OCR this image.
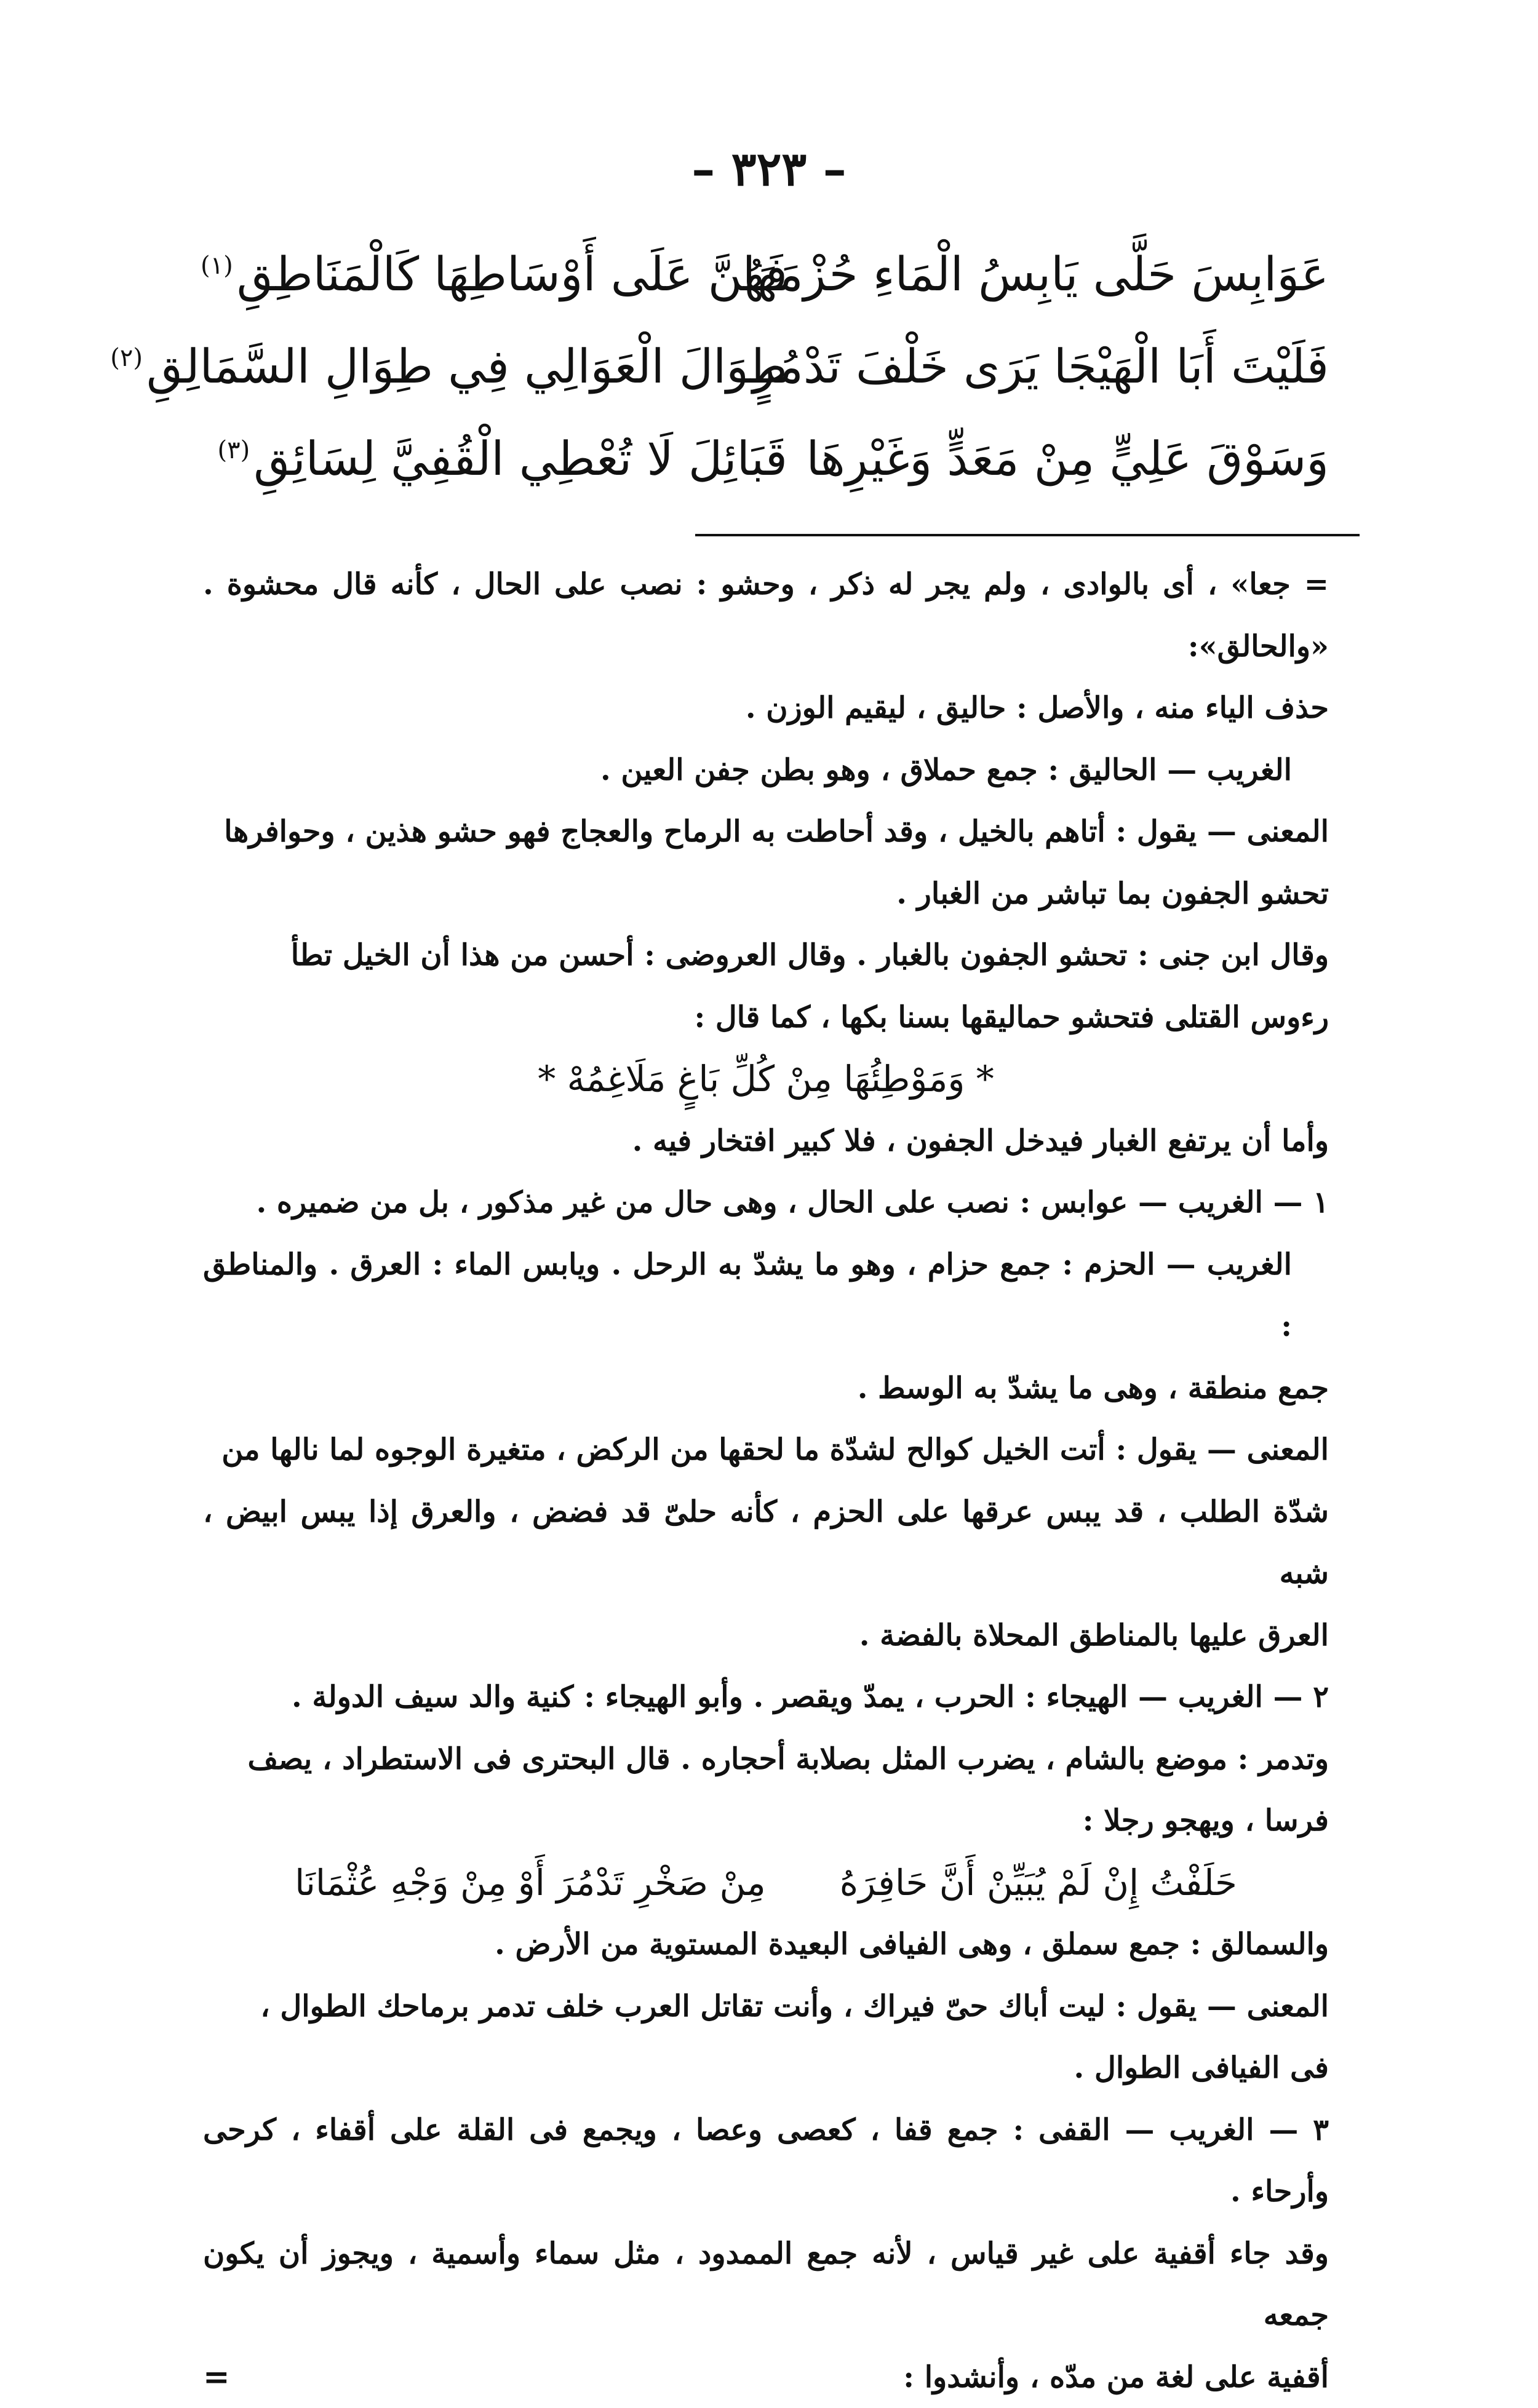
– ٣٢٣ –
عَوَابِسَ حَلَّى يَابِسُ الْمَاءِ حُزْمَهَا
فَهُنَّ عَلَى أَوْسَاطِهَا كَالْمَنَاطِقِ$^{(١)}$
فَلَيْتَ أَبَا الْهَيْجَا يَرَى خَلْفَ تَدْمُرٍ
طِوَالَ الْعَوَالِي فِي طِوَالِ السَّمَالِقِ$^{(٢)}$
وَسَوْقَ عَلِيٍّ مِنْ مَعَدٍّ وَغَيْرِهَا
قَبَائِلَ لَا تُعْطِي الْقُفِيَّ لِسَائِقِ$^{(٣)}$

= جعا» ، أى بالوادى ، ولم يجر له ذكر ، وحشو : نصب على الحال ، كأنه قال محشوة . «والحالق»:

حذف الياء منه ، والأصل : حاليق ، ليقيم الوزن .

الغريب — الحاليق : جمع حملاق ، وهو بطن جفن العين .

المعنى — يقول : أتاهم بالخيل ، وقد أحاطت به الرماح والعجاج فهو حشو هذين ، وحوافرها

تحشو الجفون بما تباشر من الغبار .

وقال ابن جنى : تحشو الجفون بالغبار . وقال العروضى : أحسن من هذا أن الخيل تطأ

رءوس القتلى فتحشو حماليقها بسنا بكها ، كما قال :

* وَمَوْطِئُهَا مِنْ كُلِّ بَاغٍ مَلَاغِمُهْ *

وأما أن يرتفع الغبار فيدخل الجفون ، فلا كبير افتخار فيه .

١ — الغريب — عوابس : نصب على الحال ، وهى حال من غير مذكور ، بل من ضميره .

الغريب — الحزم : جمع حزام ، وهو ما يشدّ به الرحل . ويابس الماء : العرق . والمناطق :

جمع منطقة ، وهى ما يشدّ به الوسط .

المعنى — يقول : أتت الخيل كوالح لشدّة ما لحقها من الركض ، متغيرة الوجوه لما نالها من

شدّة الطلب ، قد يبس عرقها على الحزم ، كأنه حلىّ قد فضض ، والعرق إذا يبس ابيض ، شبه

العرق عليها بالمناطق المحلاة بالفضة .

٢ — الغريب — الهيجاء : الحرب ، يمدّ ويقصر . وأبو الهيجاء : كنية والد سيف الدولة .

وتدمر : موضع بالشام ، يضرب المثل بصلابة أحجاره . قال البحترى فى الاستطراد ، يصف

فرسا ، ويهجو رجلا :

حَلَفْتُ إِنْ لَمْ يُبَيِّنْ أَنَّ حَافِرَهُ
مِنْ صَخْرِ تَدْمُرَ أَوْ مِنْ وَجْهِ عُثْمَانَا

والسمالق : جمع سملق ، وهى الفيافى البعيدة المستوية من الأرض .

المعنى — يقول : ليت أباك حىّ فيراك ، وأنت تقاتل العرب خلف تدمر برماحك الطوال ،

فى الفيافى الطوال .

٣ — الغريب — القفى : جمع قفا ، كعصى وعصا ، ويجمع فى القلة على أقفاء ، كرحى وأرحاء .

وقد جاء أقفية على غير قياس ، لأنه جمع الممدود ، مثل سماء وأسمية ، ويجوز أن يكون جمعه

أقفية على لغة من مدّه ، وأنشدوا :
=
